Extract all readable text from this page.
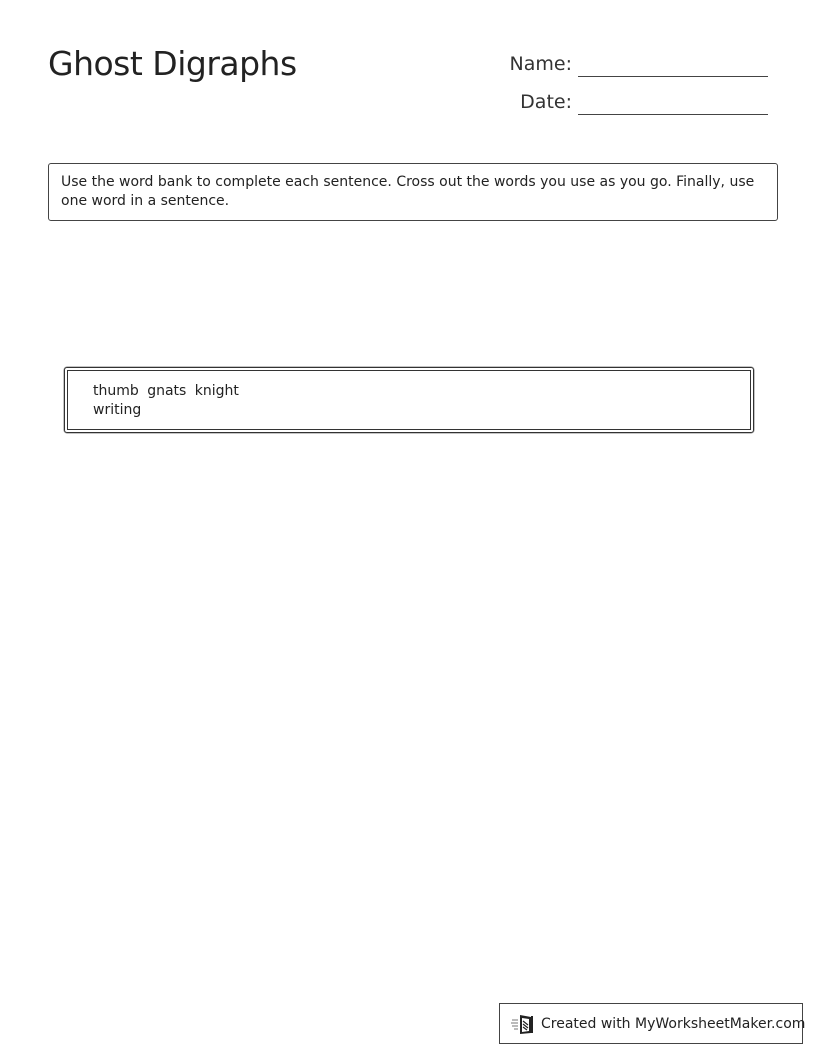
Ghost Digraphs	Name:
Date:
Use the word bank to complete each sentence. Cross out the words you use as you go. Finally, use one word in a sentence.
thumb gnats knight writing
Created with MyWorksheetMaker.com
